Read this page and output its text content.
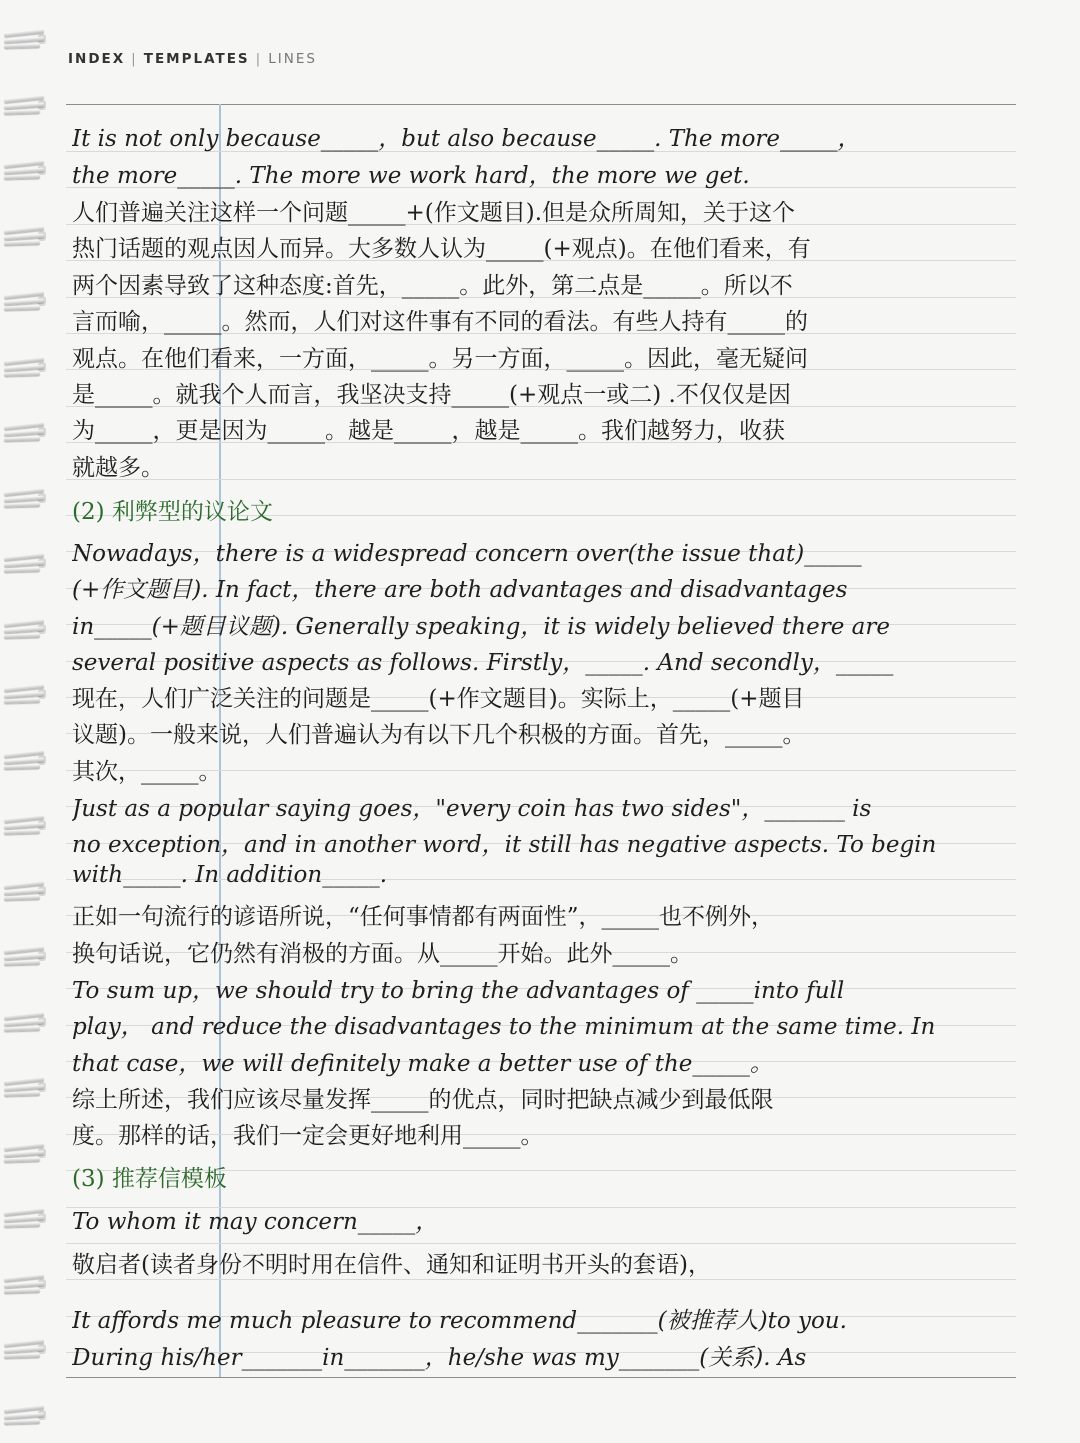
INDEX | TEMPLATES | LINES
It is not only because_____，but also because_____. The more_____，
the more_____. The more we work hard，the more we get.
人们普遍关注这样一个问题_____+(作文题目).但是众所周知，关于这个
热门话题的观点因人而异。大多数人认为_____(+观点)。在他们看来，有
两个因素导致了这种态度:首先，_____。此外，第二点是_____。所以不
言而喻，_____。然而，人们对这件事有不同的看法。有些人持有_____的
观点。在他们看来，一方面，_____。另一方面，_____。因此，毫无疑问
是_____。就我个人而言，我坚决支持_____(+观点一或二) .不仅仅是因
为_____，更是因为_____。越是_____，越是_____。我们越努力，收获
就越多。
(2) 利弊型的议论文
Nowadays，there is a widespread concern over(the issue that)_____
(+作文题目). In fact，there are both advantages and disadvantages
in_____(+题目议题). Generally speaking，it is widely believed there are
several positive aspects as follows. Firstly，_____. And secondly，_____
现在，人们广泛关注的问题是_____(+作文题目)。实际上，_____(+题目
议题)。一般来说，人们普遍认为有以下几个积极的方面。首先，_____。
其次，_____。
Just as a popular saying goes，"every coin has two sides"，_______ is
no exception，and in another word，it still has negative aspects. To begin
with_____. In addition_____.
正如一句流行的谚语所说，“任何事情都有两面性”，_____也不例外，
换句话说，它仍然有消极的方面。从_____开始。此外_____。
To sum up，we should try to bring the advantages of _____into full
play， and reduce the disadvantages to the minimum at the same time. In
that case，we will definitely make a better use of the_____。
综上所述，我们应该尽量发挥_____的优点，同时把缺点减少到最低限
度。那样的话，我们一定会更好地利用_____。
(3) 推荐信模板
To whom it may concern_____，
敬启者(读者身份不明时用在信件、通知和证明书开头的套语)，
It affords me much pleasure to recommend_______(被推荐人)to you.
During his/her_______in_______，he/she was my_______(关系). As
